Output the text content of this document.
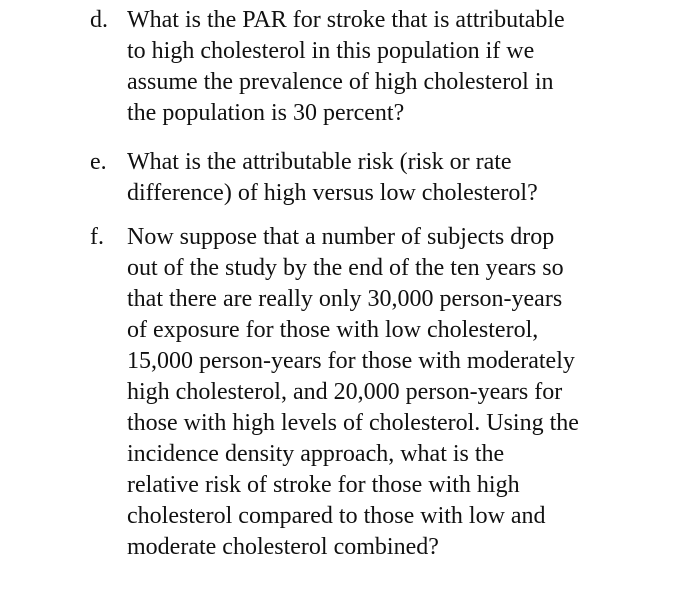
d. What is the PAR for stroke that is attributable
to high cholesterol in this population if we
assume the prevalence of high cholesterol in
the population is 30 percent?
e. What is the attributable risk (risk or rate
difference) of high versus low cholesterol?
f. Now suppose that a number of subjects drop
out of the study by the end of the ten years so
that there are really only 30,000 person-years
of exposure for those with low cholesterol,
15,000 person-years for those with moderately
high cholesterol, and 20,000 person-years for
those with high levels of cholesterol. Using the
incidence density approach, what is the
relative risk of stroke for those with high
cholesterol compared to those with low and
moderate cholesterol combined?
